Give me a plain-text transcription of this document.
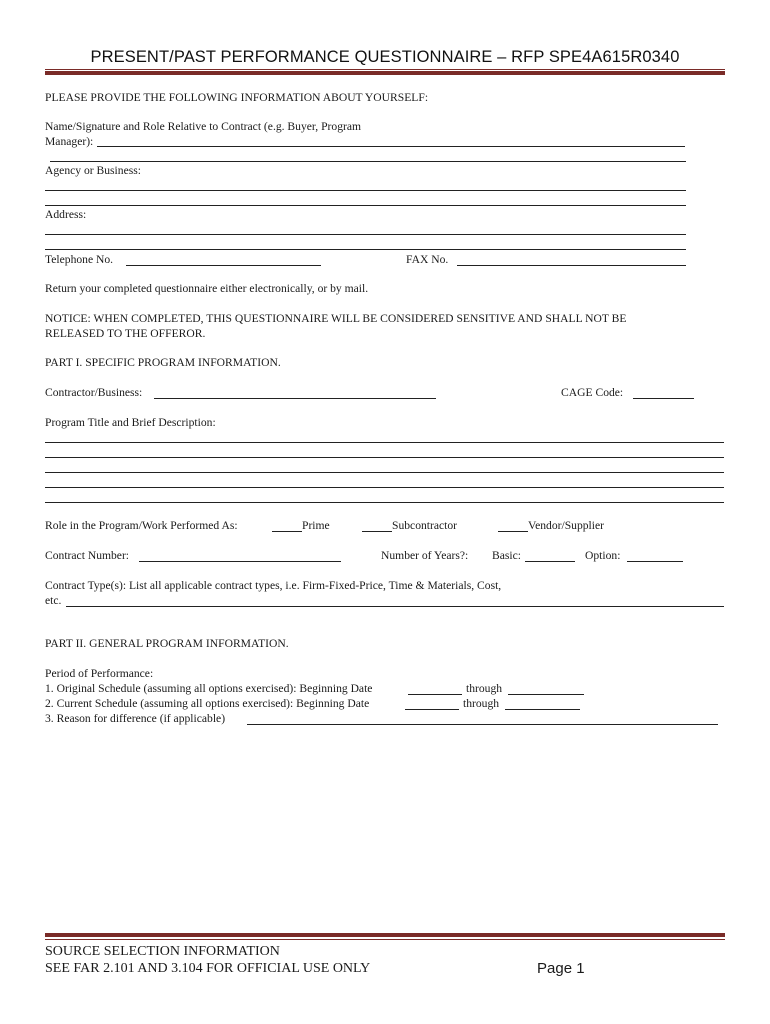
PRESENT/PAST PERFORMANCE QUESTIONNAIRE – RFP SPE4A615R0340
PLEASE PROVIDE THE FOLLOWING INFORMATION ABOUT YOURSELF:
Name/Signature and Role Relative to Contract (e.g. Buyer, Program
Manager):
Agency or Business:
Address:
Telephone No.	FAX No.
Return your completed questionnaire either electronically, or by mail.
NOTICE: WHEN COMPLETED, THIS QUESTIONNAIRE WILL BE CONSIDERED SENSITIVE AND SHALL NOT BE
RELEASED TO THE OFFEROR.
PART I. SPECIFIC PROGRAM INFORMATION.
Contractor/Business:	CAGE Code:
Program Title and Brief Description:
Role in the Program/Work Performed As:	Prime	Subcontractor	Vendor/Supplier
Contract Number:	Number of Years?: Basic:	Option:
Contract Type(s): List all applicable contract types, i.e. Firm-Fixed-Price, Time & Materials, Cost,
etc.
PART II. GENERAL PROGRAM INFORMATION.
Period of Performance:
1. Original Schedule (assuming all options exercised): Beginning Date	through
2. Current Schedule (assuming all options exercised): Beginning Date	through
3. Reason for difference (if applicable)
SOURCE SELECTION INFORMATION
SEE FAR 2.101 AND 3.104 FOR OFFICIAL USE ONLY	Page 1
